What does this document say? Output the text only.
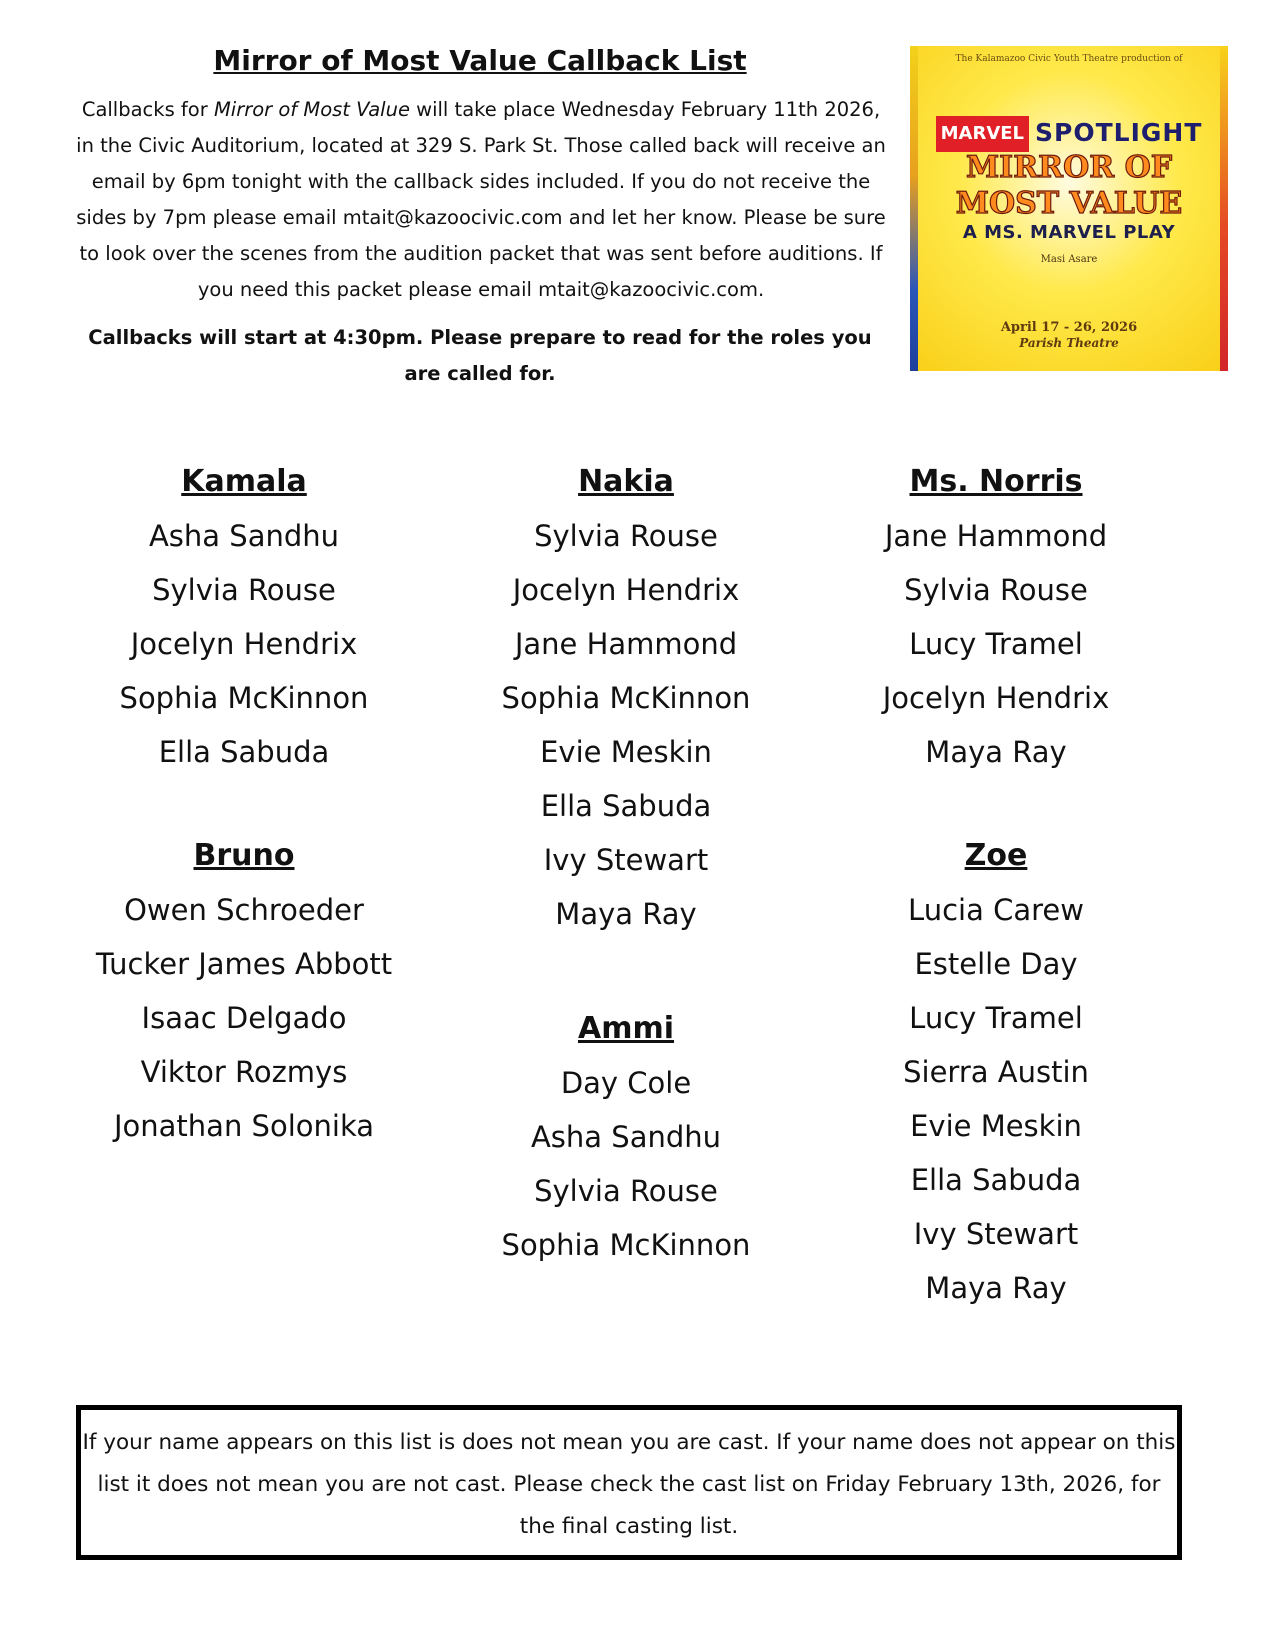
Mirror of Most Value Callback List

Callbacks for Mirror of Most Value will take place Wednesday February 11th 2026, in the Civic Auditorium, located at 329 S. Park St. Those called back will receive an email by 6pm tonight with the callback sides included. If you do not receive the sides by 7pm please email mtait@kazoocivic.com and let her know. Please be sure to look over the scenes from the audition packet that was sent before auditions. If you need this packet please email mtait@kazoocivic.com.

Callbacks will start at 4:30pm. Please prepare to read for the roles you are called for.

The Kalamazoo Civic Youth Theatre production of
MARVEL SPOTLIGHT
MIRROR OF
MOST VALUE
A MS. MARVEL PLAY
Masi Asare
April 17 - 26, 2026
Parish Theatre
Kamala
Asha Sandhu
Sylvia Rouse
Jocelyn Hendrix
Sophia McKinnon
Ella Sabuda
Bruno
Owen Schroeder
Tucker James Abbott
Isaac Delgado
Viktor Rozmys
Jonathan Solonika
Nakia
Sylvia Rouse
Jocelyn Hendrix
Jane Hammond
Sophia McKinnon
Evie Meskin
Ella Sabuda
Ivy Stewart
Maya Ray
Ammi
Day Cole
Asha Sandhu
Sylvia Rouse
Sophia McKinnon
Ms. Norris
Jane Hammond
Sylvia Rouse
Lucy Tramel
Jocelyn Hendrix
Maya Ray
Zoe
Lucia Carew
Estelle Day
Lucy Tramel
Sierra Austin
Evie Meskin
Ella Sabuda
Ivy Stewart
Maya Ray
If your name appears on this list is does not mean you are cast. If your name does not appear on this list it does not mean you are not cast. Please check the cast list on Friday February 13th, 2026, for the final casting list.
